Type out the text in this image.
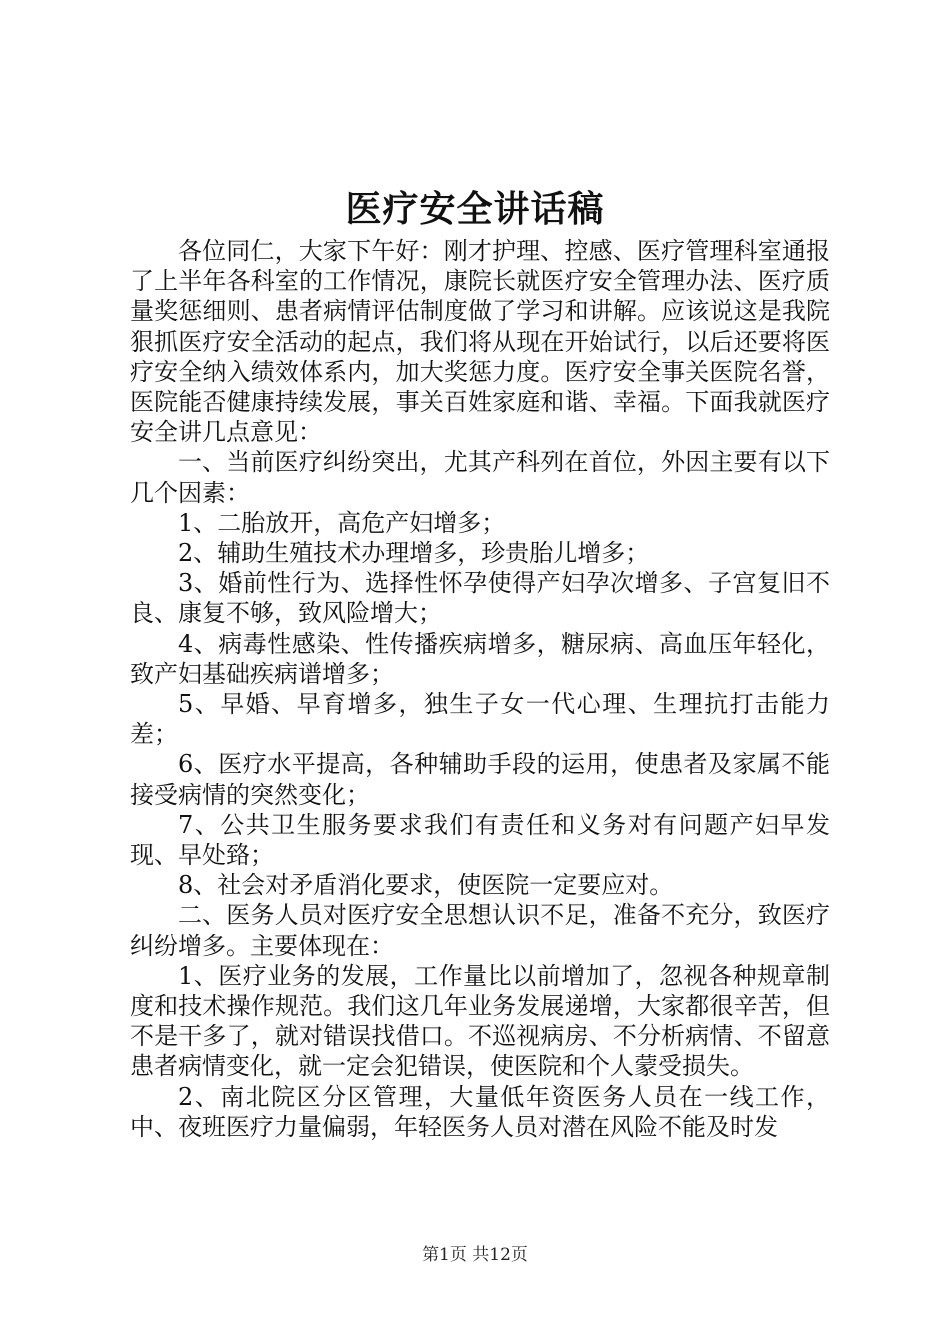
医疗安全讲话稿

各位同仁，大家下午好：刚才护理、控感、医疗管理科室通报了上半年各科室的工作情况，康院长就医疗安全管理办法、医疗质量奖惩细则、患者病情评估制度做了学习和讲解。应该说这是我院狠抓医疗安全活动的起点，我们将从现在开始试行，以后还要将医疗安全纳入绩效体系内，加大奖惩力度。医疗安全事关医院名誉，医院能否健康持续发展，事关百姓家庭和谐、幸福。下面我就医疗安全讲几点意见：

一、当前医疗纠纷突出，尤其产科列在首位，外因主要有以下几个因素：

1、二胎放开，高危产妇增多；

2、辅助生殖技术办理增多，珍贵胎儿增多；

3、婚前性行为、选择性怀孕使得产妇孕次增多、子宫复旧不良、康复不够，致风险增大；

4、病毒性感染、性传播疾病增多，糖尿病、高血压年轻化，致产妇基础疾病谱增多；

5、早婚、早育增多，独生子女一代心理、生理抗打击能力差；

6、医疗水平提高，各种辅助手段的运用，使患者及家属不能接受病情的突然变化；

7、公共卫生服务要求我们有责任和义务对有问题产妇早发现、早处臵；

8、社会对矛盾消化要求，使医院一定要应对。

二、医务人员对医疗安全思想认识不足，准备不充分，致医疗纠纷增多。主要体现在：

1、医疗业务的发展，工作量比以前增加了，忽视各种规章制度和技术操作规范。我们这几年业务发展递增，大家都很辛苦，但不是干多了，就对错误找借口。不巡视病房、不分析病情、不留意患者病情变化，就一定会犯错误，使医院和个人蒙受损失。

2、南北院区分区管理，大量低年资医务人员在一线工作，中、夜班医疗力量偏弱，年轻医务人员对潜在风险不能及时发

第1页 共12页
